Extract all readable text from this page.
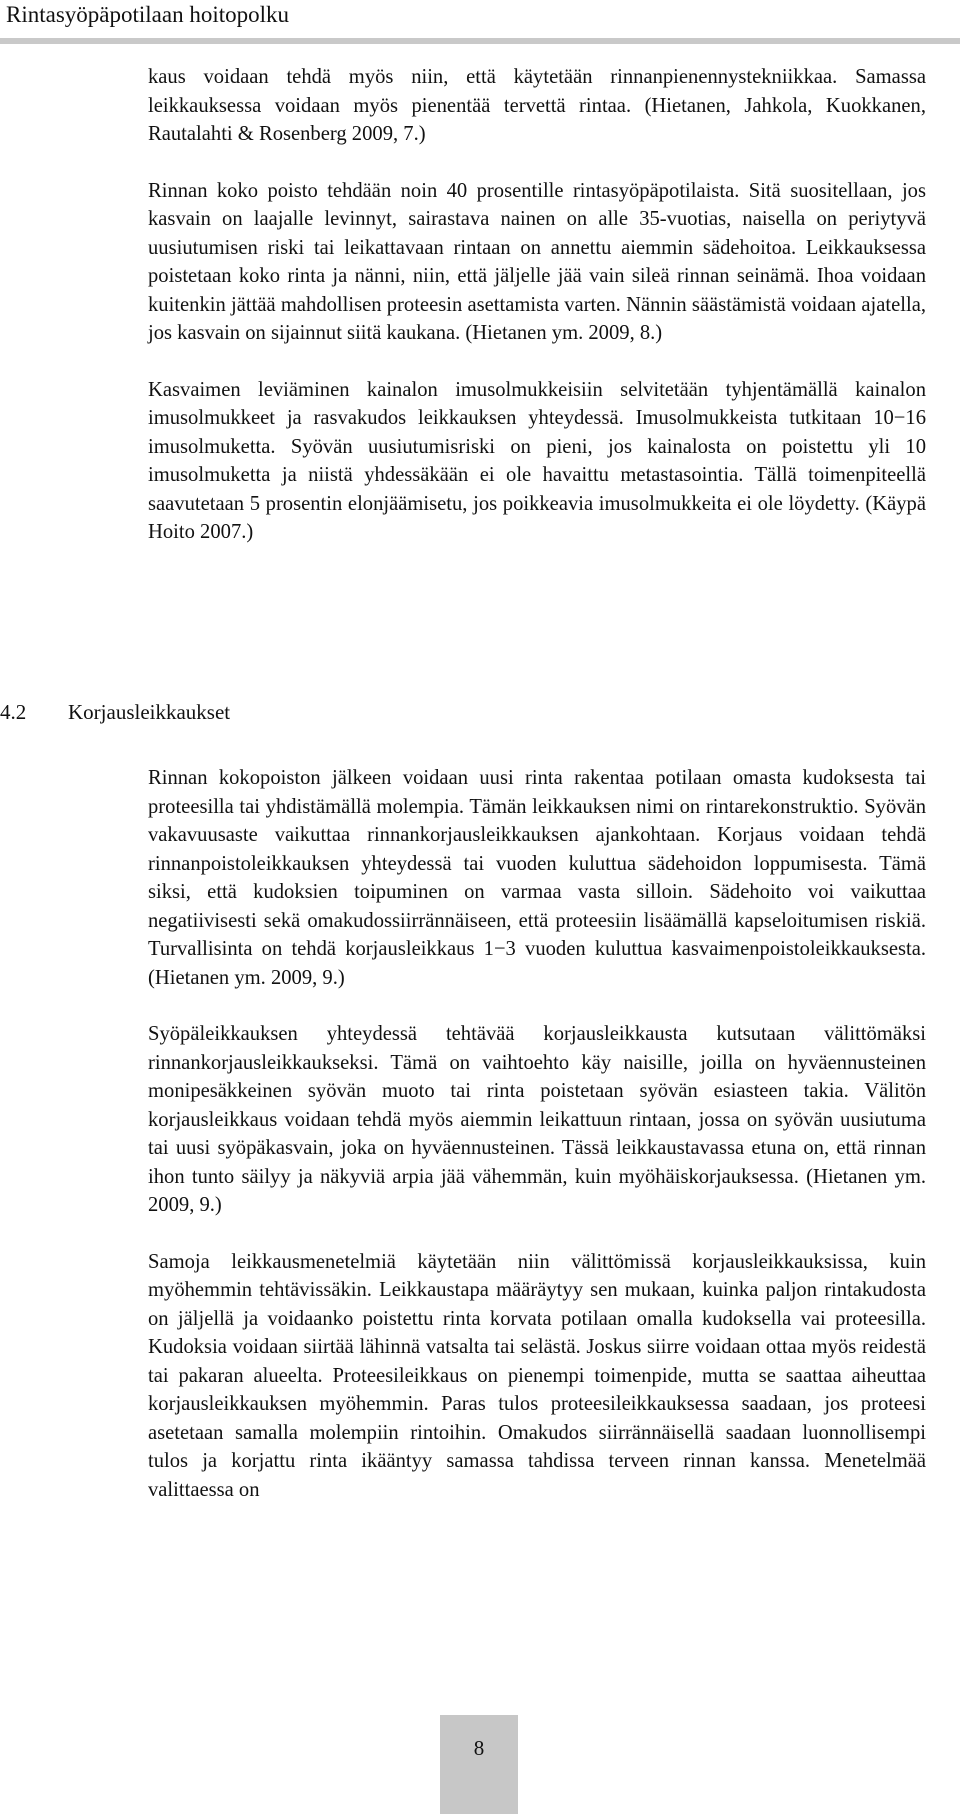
Rintasyöpäpotilaan hoitopolku

kaus voidaan tehdä myös niin, että käytetään rinnanpienennystekniikkaa. Samassa leikkauksessa voidaan myös pienentää tervettä rintaa. (Hietanen, Jahkola, Kuokkanen, Rautalahti & Rosenberg 2009, 7.)

Rinnan koko poisto tehdään noin 40 prosentille rintasyöpäpotilaista. Sitä suositellaan, jos kasvain on laajalle levinnyt, sairastava nainen on alle 35-vuotias, naisella on periytyvä uusiutumisen riski tai leikattavaan rintaan on annettu aiemmin sädehoitoa. Leikkauksessa poistetaan koko rinta ja nänni, niin, että jäljelle jää vain sileä rinnan seinämä. Ihoa voidaan kuitenkin jättää mahdollisen proteesin asettamista varten. Nännin säästämistä voidaan ajatella, jos kasvain on sijainnut siitä kaukana. (Hietanen ym. 2009, 8.)

Kasvaimen leviäminen kainalon imusolmukkeisiin selvitetään tyhjentämällä kainalon imusolmukkeet ja rasvakudos leikkauksen yhteydessä. Imusolmukkeista tutkitaan 10−16 imusolmuketta. Syövän uusiutumisriski on pieni, jos kainalosta on poistettu yli 10 imusolmuketta ja niistä yhdessäkään ei ole havaittu metastasointia. Tällä toimenpiteellä saavutetaan 5 prosentin elonjäämisetu, jos poikkeavia imusolmukkeita ei ole löydetty. (Käypä Hoito 2007.)

4.2 Korjausleikkaukset

Rinnan kokopoiston jälkeen voidaan uusi rinta rakentaa potilaan omasta kudoksesta tai proteesilla tai yhdistämällä molempia. Tämän leikkauksen nimi on rintarekonstruktio. Syövän vakavuusaste vaikuttaa rinnankorjausleikkauksen ajankohtaan. Korjaus voidaan tehdä rinnanpoistoleikkauksen yhteydessä tai vuoden kuluttua sädehoidon loppumisesta. Tämä siksi, että kudoksien toipuminen on varmaa vasta silloin. Sädehoito voi vaikuttaa negatiivisesti sekä omakudossiirrännäiseen, että proteesiin lisäämällä kapseloitumisen riskiä. Turvallisinta on tehdä korjausleikkaus 1−3 vuoden kuluttua kasvaimenpoistoleikkauksesta. (Hietanen ym. 2009, 9.)

Syöpäleikkauksen yhteydessä tehtävää korjausleikkausta kutsutaan välittömäksi rinnankorjausleikkaukseksi. Tämä on vaihtoehto käy naisille, joilla on hyväennusteinen monipesäkkeinen syövän muoto tai rinta poistetaan syövän esiasteen takia. Välitön korjausleikkaus voidaan tehdä myös aiemmin leikattuun rintaan, jossa on syövän uusiutuma tai uusi syöpäkasvain, joka on hyväennusteinen. Tässä leikkaustavassa etuna on, että rinnan ihon tunto säilyy ja näkyviä arpia jää vähemmän, kuin myöhäiskorjauksessa. (Hietanen ym. 2009, 9.)

Samoja leikkausmenetelmiä käytetään niin välittömissä korjausleikkauksissa, kuin myöhemmin tehtävissäkin. Leikkaustapa määräytyy sen mukaan, kuinka paljon rintakudosta on jäljellä ja voidaanko poistettu rinta korvata potilaan omalla kudoksella vai proteesilla. Kudoksia voidaan siirtää lähinnä vatsalta tai selästä. Joskus siirre voidaan ottaa myös reidestä tai pakaran alueelta. Proteesileikkaus on pienempi toimenpide, mutta se saattaa aiheuttaa korjausleikkauksen myöhemmin. Paras tulos proteesileikkauksessa saadaan, jos proteesi asetetaan samalla molempiin rintoihin. Omakudos siirrännäisellä saadaan luonnollisempi tulos ja korjattu rinta ikääntyy samassa tahdissa terveen rinnan kanssa. Menetelmää valittaessa on

8
